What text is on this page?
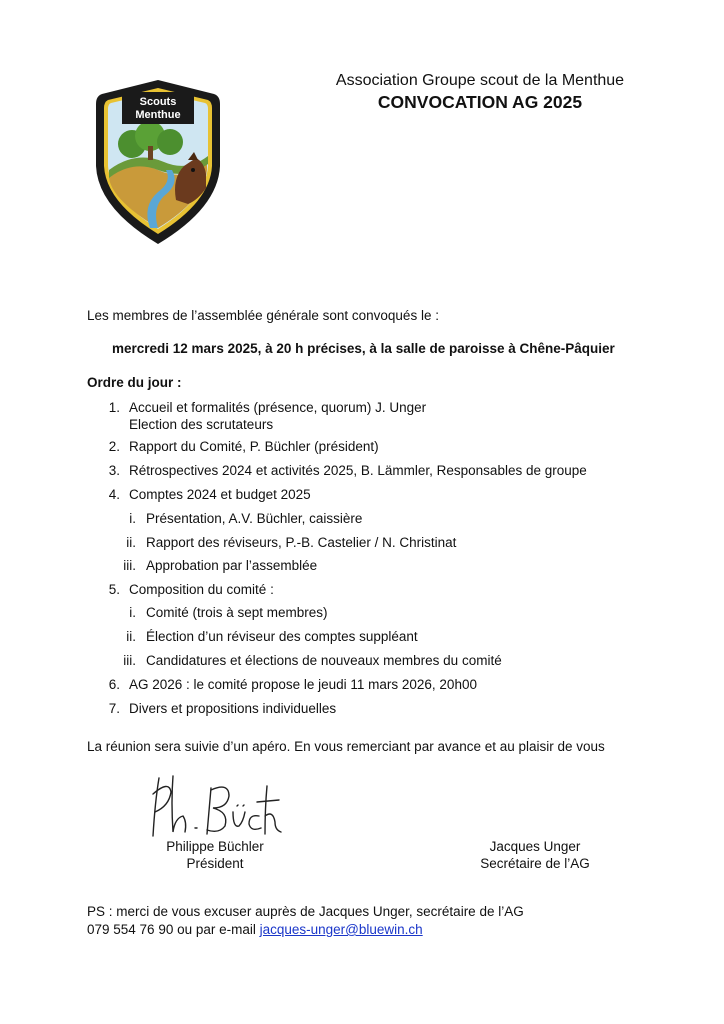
Scouts
Menthue
Association Groupe scout de la Menthue
CONVOCATION AG 2025
Les membres de l’assemblée générale sont convoqués le :
mercredi 12 mars 2025, à 20 h précises, à la salle de paroisse à Chêne-Pâquier
Ordre du jour :
1. Accueil et formalités (présence, quorum) J. Unger
Election des scrutateurs
2. Rapport du Comité, P. Büchler (président)
3. Rétrospectives 2024 et activités 2025, B. Lämmler, Responsables de groupe
4. Comptes 2024 et budget 2025
i. Présentation, A.V. Büchler, caissière
ii. Rapport des réviseurs, P.-B. Castelier / N. Christinat
iii. Approbation par l’assemblée
5. Composition du comité :
i. Comité (trois à sept membres)
ii. Élection d’un réviseur des comptes suppléant
iii. Candidatures et élections de nouveaux membres du comité
6. AG 2026 : le comité propose le jeudi 11 mars 2026, 20h00
7. Divers et propositions individuelles
La réunion sera suivie d’un apéro. En vous remerciant par avance et au plaisir de vous
Philippe Büchler
Président
Jacques Unger
Secrétaire de l’AG
PS : merci de vous excuser auprès de Jacques Unger, secrétaire de l’AG
079 554 76 90 ou par e-mail jacques-unger@bluewin.ch
